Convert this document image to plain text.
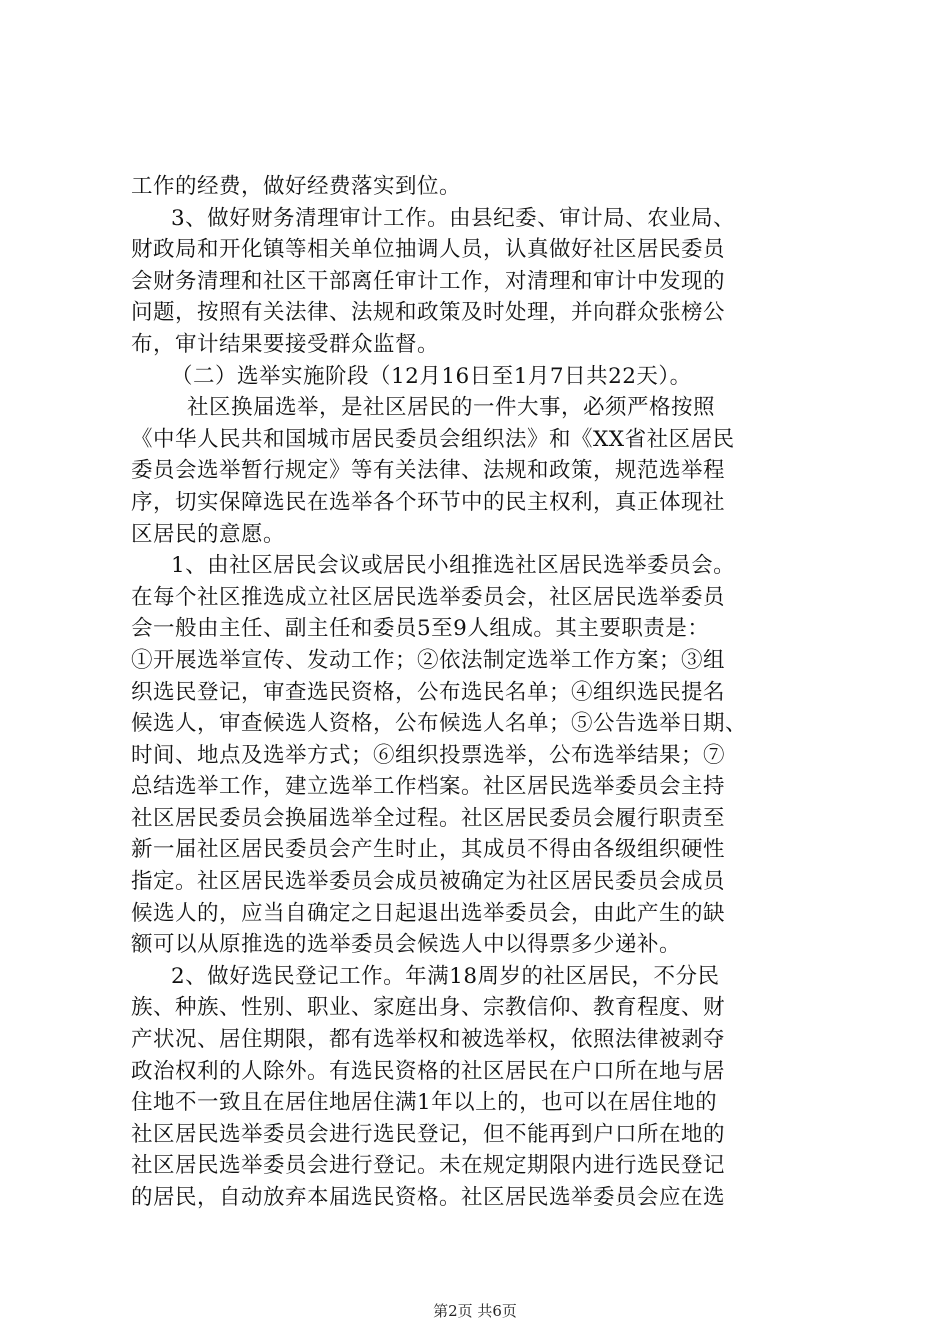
工作的经费，做好经费落实到位。
3、做好财务清理审计工作。由县纪委、审计局、农业局、
财政局和开化镇等相关单位抽调人员，认真做好社区居民委员
会财务清理和社区干部离任审计工作，对清理和审计中发现的
问题，按照有关法律、法规和政策及时处理，并向群众张榜公
布，审计结果要接受群众监督。
（二）选举实施阶段（12月16日至1月7日共22天）。
社区换届选举，是社区居民的一件大事，必须严格按照
《中华人民共和国城市居民委员会组织法》和《XX省社区居民
委员会选举暂行规定》等有关法律、法规和政策，规范选举程
序，切实保障选民在选举各个环节中的民主权利，真正体现社
区居民的意愿。
1、由社区居民会议或居民小组推选社区居民选举委员会。
在每个社区推选成立社区居民选举委员会，社区居民选举委员
会一般由主任、副主任和委员5至9人组成。其主要职责是：
①开展选举宣传、发动工作；②依法制定选举工作方案；③组
织选民登记，审查选民资格，公布选民名单；④组织选民提名
候选人，审查候选人资格，公布候选人名单；⑤公告选举日期、
时间、地点及选举方式；⑥组织投票选举，公布选举结果；⑦
总结选举工作，建立选举工作档案。社区居民选举委员会主持
社区居民委员会换届选举全过程。社区居民委员会履行职责至
新一届社区居民委员会产生时止，其成员不得由各级组织硬性
指定。社区居民选举委员会成员被确定为社区居民委员会成员
候选人的，应当自确定之日起退出选举委员会，由此产生的缺
额可以从原推选的选举委员会候选人中以得票多少递补。
2、做好选民登记工作。年满18周岁的社区居民，不分民
族、种族、性别、职业、家庭出身、宗教信仰、教育程度、财
产状况、居住期限，都有选举权和被选举权，依照法律被剥夺
政治权利的人除外。有选民资格的社区居民在户口所在地与居
住地不一致且在居住地居住满1年以上的，也可以在居住地的
社区居民选举委员会进行选民登记，但不能再到户口所在地的
社区居民选举委员会进行登记。未在规定期限内进行选民登记
的居民，自动放弃本届选民资格。社区居民选举委员会应在选
第2页 共6页
